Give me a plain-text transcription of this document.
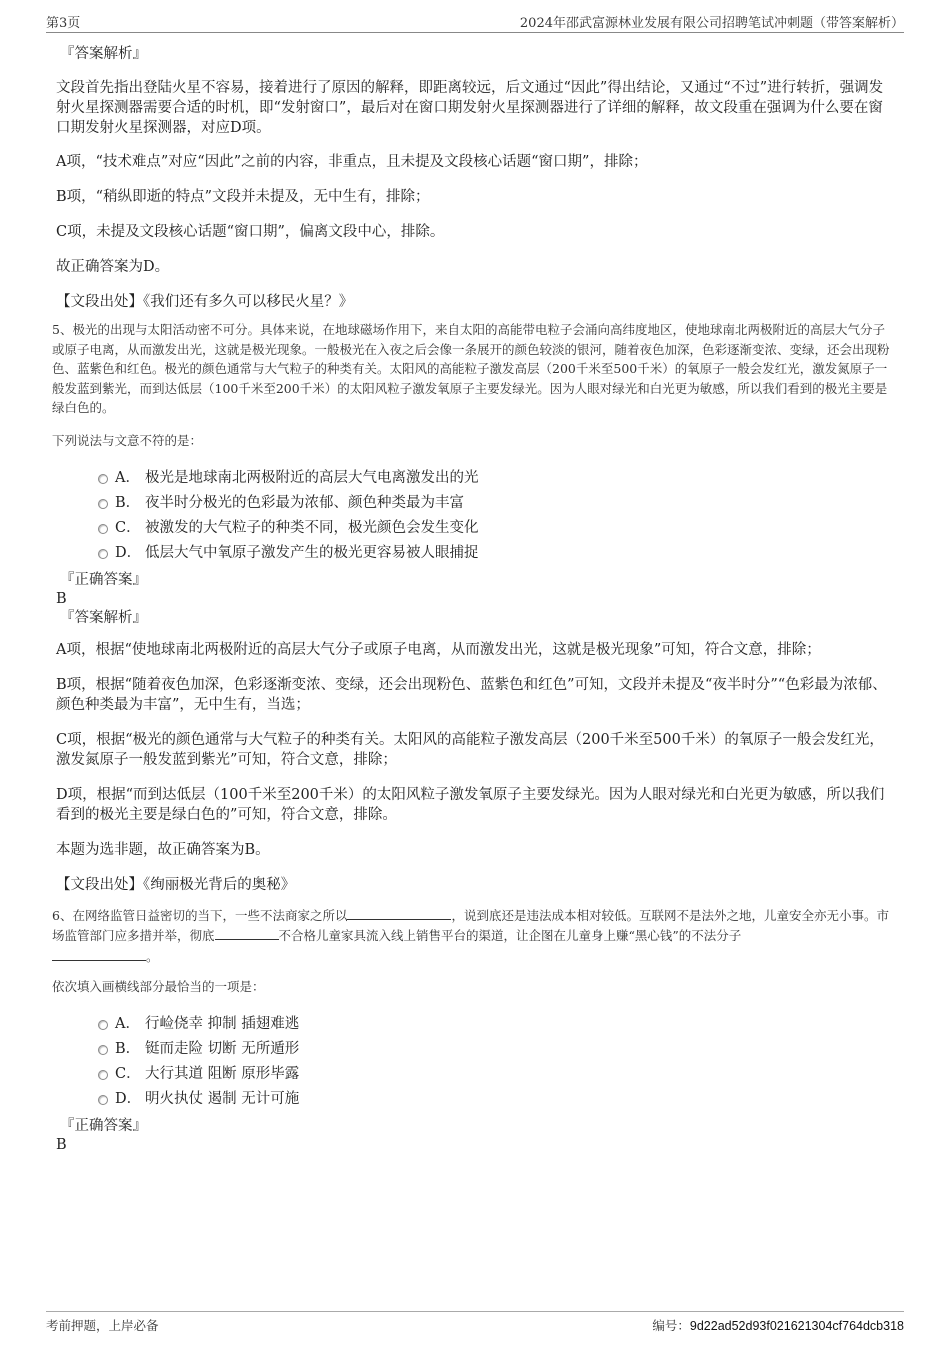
第3页	2024年邵武富源林业发展有限公司招聘笔试冲刺题（带答案解析）
『答案解析』

文段首先指出登陆火星不容易，接着进行了原因的解释，即距离较远，后文通过“因此”得出结论，又通过“不过”进行转折，强调发射火星探测器需要合适的时机，即“发射窗口”，最后对在窗口期发射火星探测器进行了详细的解释，故文段重在强调为什么要在窗口期发射火星探测器，对应D项。

A项，“技术难点”对应“因此”之前的内容，非重点，且未提及文段核心话题“窗口期”，排除；

B项，“稍纵即逝的特点”文段并未提及，无中生有，排除；

C项，未提及文段核心话题“窗口期”，偏离文段中心，排除。

故正确答案为D。

【文段出处】《我们还有多久可以移民火星？》

5、极光的出现与太阳活动密不可分。具体来说，在地球磁场作用下，来自太阳的高能带电粒子会涌向高纬度地区，使地球南北两极附近的高层大气分子或原子电离，从而激发出光，这就是极光现象。一般极光在入夜之后会像一条展开的颜色较淡的银河，随着夜色加深，色彩逐渐变浓、变绿，还会出现粉色、蓝紫色和红色。极光的颜色通常与大气粒子的种类有关。太阳风的高能粒子激发高层（200千米至500千米）的氧原子一般会发红光，激发氮原子一般发蓝到紫光，而到达低层（100千米至200千米）的太阳风粒子激发氧原子主要发绿光。因为人眼对绿光和白光更为敏感，所以我们看到的极光主要是绿白色的。

下列说法与文意不符的是：
A． 极光是地球南北两极附近的高层大气电离激发出的光
B． 夜半时分极光的色彩最为浓郁、颜色种类最为丰富
C． 被激发的大气粒子的种类不同，极光颜色会发生变化
D． 低层大气中氧原子激发产生的极光更容易被人眼捕捉
『正确答案』
B
『答案解析』

A项，根据“使地球南北两极附近的高层大气分子或原子电离，从而激发出光，这就是极光现象”可知，符合文意，排除；

B项，根据“随着夜色加深，色彩逐渐变浓、变绿，还会出现粉色、蓝紫色和红色”可知，文段并未提及“夜半时分”“色彩最为浓郁、颜色种类最为丰富”，无中生有，当选；

C项，根据“极光的颜色通常与大气粒子的种类有关。太阳风的高能粒子激发高层（200千米至500千米）的氧原子一般会发红光，激发氮原子一般发蓝到紫光”可知，符合文意，排除；

D项，根据“而到达低层（100千米至200千米）的太阳风粒子激发氧原子主要发绿光。因为人眼对绿光和白光更为敏感，所以我们看到的极光主要是绿白色的”可知，符合文意，排除。

本题为选非题，故正确答案为B。

【文段出处】《绚丽极光背后的奥秘》

6、在网络监管日益密切的当下，一些不法商家之所以	，说到底还是违法成本相对较低。互联网不是法外之地，儿童安全亦无小事。市场监管部门应多措并举，彻底	不合格儿童家具流入线上销售平台的渠道，让企图在儿童身上赚“黑心钱”的不法分子
。

依次填入画横线部分最恰当的一项是：
A． 行崄侥幸 抑制 插翅难逃
B． 铤而走险 切断 无所遁形
C． 大行其道 阻断 原形毕露
D． 明火执仗 遏制 无计可施
『正确答案』
B
考前押题，上岸必备	编号：9d22ad52d93f021621304cf764dcb318
